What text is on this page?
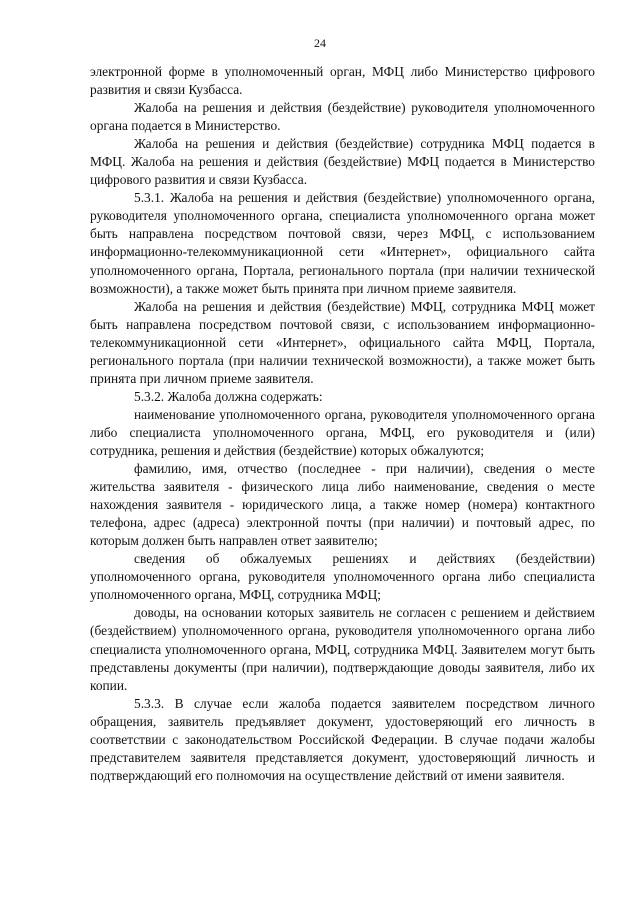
24

электронной форме в уполномоченный орган, МФЦ либо Министерство цифрового развития и связи Кузбасса.

Жалоба на решения и действия (бездействие) руководителя уполномоченного органа подается в Министерство.

Жалоба на решения и действия (бездействие) сотрудника МФЦ подается в МФЦ. Жалоба на решения и действия (бездействие) МФЦ подается в Министерство цифрового развития и связи Кузбасса.

5.3.1. Жалоба на решения и действия (бездействие) уполномоченного органа, руководителя уполномоченного органа, специалиста уполномоченного органа может быть направлена посредством почтовой связи, через МФЦ, с использованием информационно-телекоммуникационной сети «Интернет», официального сайта уполномоченного органа, Портала, регионального портала (при наличии технической возможности), а также может быть принята при личном приеме заявителя.

Жалоба на решения и действия (бездействие) МФЦ, сотрудника МФЦ может быть направлена посредством почтовой связи, с использованием информационно-телекоммуникационной сети «Интернет», официального сайта МФЦ, Портала, регионального портала (при наличии технической возможности), а также может быть принята при личном приеме заявителя.

5.3.2. Жалоба должна содержать:

наименование уполномоченного органа, руководителя уполномоченного органа либо специалиста уполномоченного органа, МФЦ, его руководителя и (или) сотрудника, решения и действия (бездействие) которых обжалуются;

фамилию, имя, отчество (последнее - при наличии), сведения о месте жительства заявителя - физического лица либо наименование, сведения о месте нахождения заявителя - юридического лица, а также номер (номера) контактного телефона, адрес (адреса) электронной почты (при наличии) и почтовый адрес, по которым должен быть направлен ответ заявителю;

сведения об обжалуемых решениях и действиях (бездействии) уполномоченного органа, руководителя уполномоченного органа либо специалиста уполномоченного органа, МФЦ, сотрудника МФЦ;

доводы, на основании которых заявитель не согласен с решением и действием (бездействием) уполномоченного органа, руководителя уполномоченного органа либо специалиста уполномоченного органа, МФЦ, сотрудника МФЦ. Заявителем могут быть представлены документы (при наличии), подтверждающие доводы заявителя, либо их копии.

5.3.3. В случае если жалоба подается заявителем посредством личного обращения, заявитель предъявляет документ, удостоверяющий его личность в соответствии с законодательством Российской Федерации. В случае подачи жалобы представителем заявителя представляется документ, удостоверяющий личность и подтверждающий его полномочия на осуществление действий от имени заявителя.
